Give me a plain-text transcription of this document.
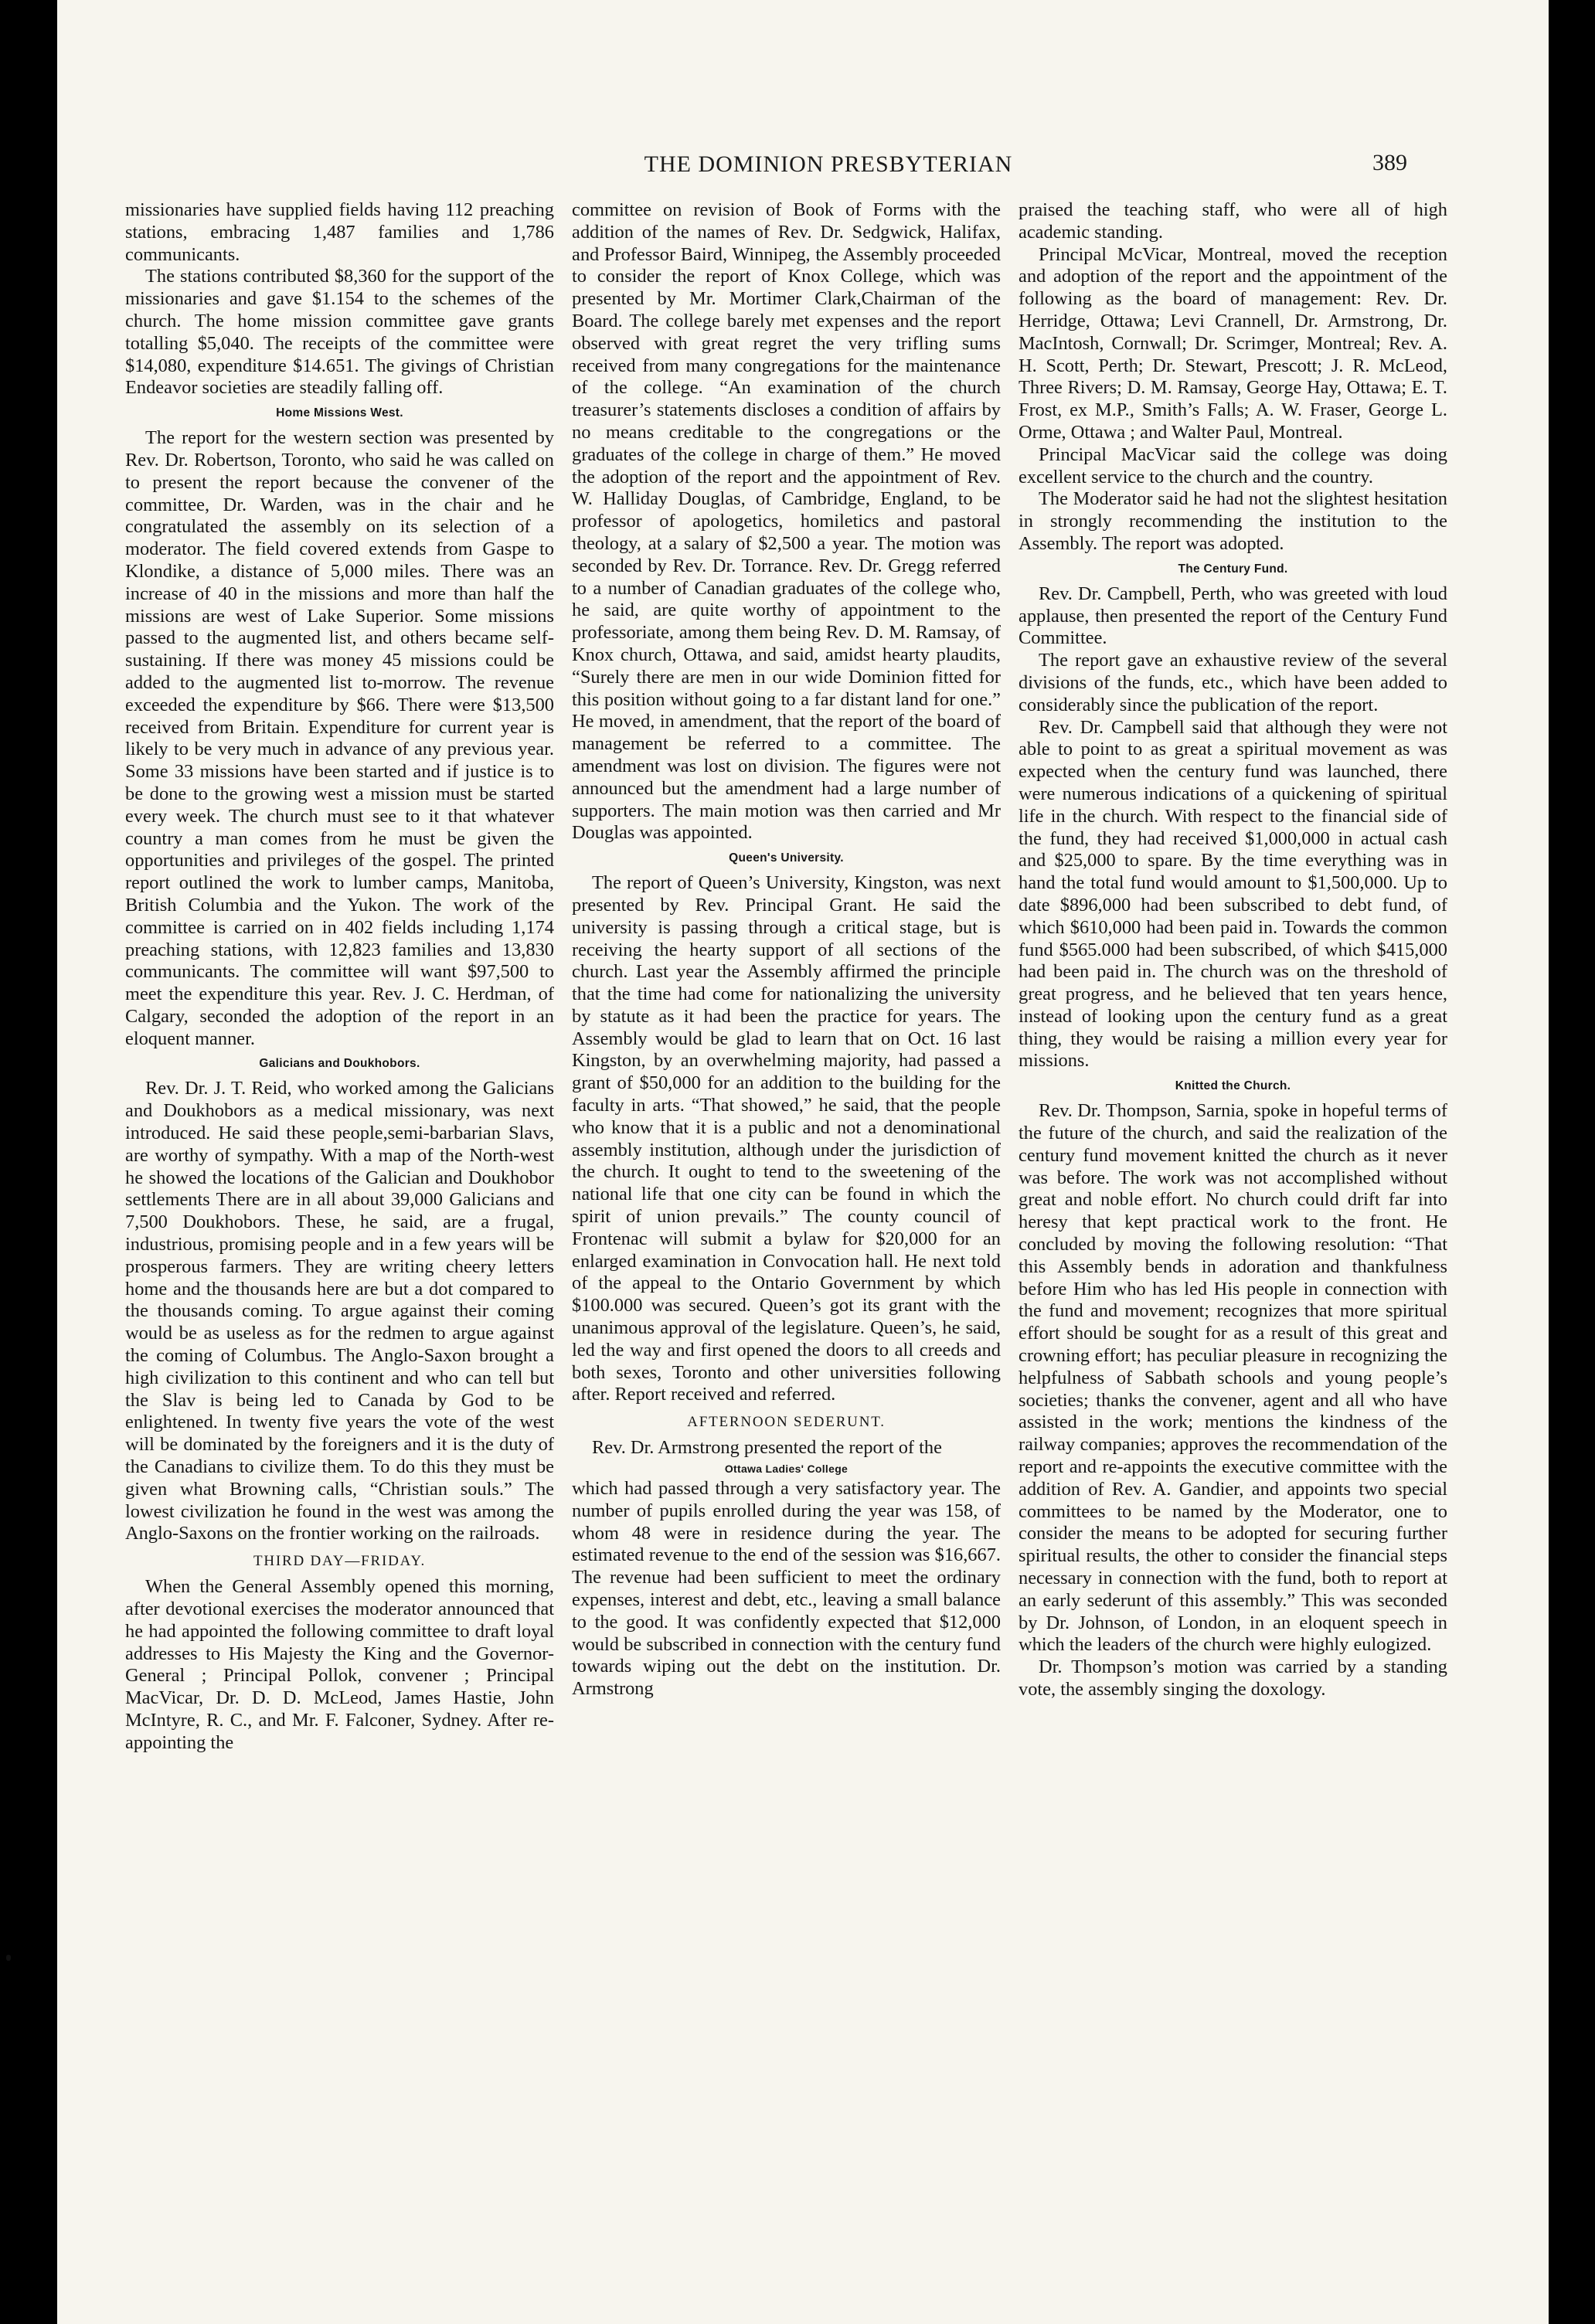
THE DOMINION PRESBYTERIAN	389

missionaries have supplied fields having 112 preaching stations, embracing 1,487 families and 1,786 communicants.

The stations contributed $8,360 for the support of the missionaries and gave $1.154 to the schemes of the church. The home mission committee gave grants totalling $5,040. The receipts of the committee were $14,080, expenditure $14.651. The givings of Christian Endeavor societies are steadily falling off.

Home Missions West.

The report for the western section was presented by Rev. Dr. Robertson, Toronto, who said he was called on to present the report because the convener of the committee, Dr. Warden, was in the chair and he congratulated the assembly on its selection of a moderator. The field covered extends from Gaspe to Klondike, a distance of 5,000 miles. There was an increase of 40 in the missions and more than half the missions are west of Lake Superior. Some missions passed to the augmented list, and others became self-sustaining. If there was money 45 missions could be added to the augmented list to-morrow. The revenue exceeded the expenditure by $66. There were $13,500 received from Britain. Expenditure for current year is likely to be very much in advance of any previous year. Some 33 missions have been started and if justice is to be done to the growing west a mission must be started every week. The church must see to it that whatever country a man comes from he must be given the opportunities and privileges of the gospel. The printed report outlined the work to lumber camps, Manitoba, British Columbia and the Yukon. The work of the committee is carried on in 402 fields including 1,174 preaching stations, with 12,823 families and 13,830 communicants. The committee will want $97,500 to meet the expenditure this year. Rev. J. C. Herdman, of Calgary, seconded the adoption of the report in an eloquent manner.

Galicians and Doukhobors.

Rev. Dr. J. T. Reid, who worked among the Galicians and Doukhobors as a medical missionary, was next introduced. He said these people,semi-barbarian Slavs, are worthy of sympathy. With a map of the North-west he showed the locations of the Galician and Doukhobor settlements There are in all about 39,000 Galicians and 7,500 Doukhobors. These, he said, are a frugal, industrious, promising people and in a few years will be prosperous farmers. They are writing cheery letters home and the thousands here are but a dot compared to the thousands coming. To argue against their coming would be as useless as for the redmen to argue against the coming of Columbus. The Anglo-Saxon brought a high civilization to this continent and who can tell but the Slav is being led to Canada by God to be enlightened. In twenty five years the vote of the west will be dominated by the foreigners and it is the duty of the Canadians to civilize them. To do this they must be given what Browning calls, “Christian souls.” The lowest civilization he found in the west was among the Anglo-Saxons on the frontier working on the railroads.

THIRD DAY—FRIDAY.

When the General Assembly opened this morning, after devotional exercises the moderator announced that he had appointed the following committee to draft loyal addresses to His Majesty the King and the Governor-General ; Principal Pollok, convener ; Principal MacVicar, Dr. D. D. McLeod, James Hastie, John McIntyre, R. C., and Mr. F. Falconer, Sydney. After re-appointing the

committee on revision of Book of Forms with the addition of the names of Rev. Dr. Sedgwick, Halifax, and Professor Baird, Winnipeg, the Assembly proceeded to consider the report of Knox College, which was presented by Mr. Mortimer Clark,Chairman of the Board. The college barely met expenses and the report observed with great regret the very trifling sums received from many congregations for the maintenance of the college. “An examination of the church treasurer’s statements discloses a condition of affairs by no means creditable to the congregations or the graduates of the college in charge of them.” He moved the adoption of the report and the appointment of Rev. W. Halliday Douglas, of Cambridge, England, to be professor of apologetics, homiletics and pastoral theology, at a salary of $2,500 a year. The motion was seconded by Rev. Dr. Torrance. Rev. Dr. Gregg referred to a number of Canadian graduates of the college who, he said, are quite worthy of appointment to the professoriate, among them being Rev. D. M. Ramsay, of Knox church, Ottawa, and said, amidst hearty plaudits, “Surely there are men in our wide Dominion fitted for this position without going to a far distant land for one.” He moved, in amendment, that the report of the board of management be referred to a committee. The amendment was lost on division. The figures were not announced but the amendment had a large number of supporters. The main motion was then carried and Mr Douglas was appointed.

Queen's University.

The report of Queen’s University, Kingston, was next presented by Rev. Principal Grant. He said the university is passing through a critical stage, but is receiving the hearty support of all sections of the church. Last year the Assembly affirmed the principle that the time had come for nationalizing the university by statute as it had been the practice for years. The Assembly would be glad to learn that on Oct. 16 last Kingston, by an overwhelming majority, had passed a grant of $50,000 for an addition to the building for the faculty in arts. “That showed,” he said, that the people who know that it is a public and not a denominational assembly institution, although under the jurisdiction of the church. It ought to tend to the sweetening of the national life that one city can be found in which the spirit of union prevails.” The county council of Frontenac will submit a bylaw for $20,000 for an enlarged examination in Convocation hall. He next told of the appeal to the Ontario Government by which $100.000 was secured. Queen’s got its grant with the unanimous approval of the legislature. Queen’s, he said, led the way and first opened the doors to all creeds and both sexes, Toronto and other universities following after. Report received and referred.

AFTERNOON SEDERUNT.

Rev. Dr. Armstrong presented the report of the

Ottawa Ladies' College

which had passed through a very satisfactory year. The number of pupils enrolled during the year was 158, of whom 48 were in residence during the year. The estimated revenue to the end of the session was $16,667. The revenue had been sufficient to meet the ordinary expenses, interest and debt, etc., leaving a small balance to the good. It was confidently expected that $12,000 would be subscribed in connection with the century fund towards wiping out the debt on the institution. Dr. Armstrong

praised the teaching staff, who were all of high academic standing.

Principal McVicar, Montreal, moved the reception and adoption of the report and the appointment of the following as the board of management: Rev. Dr. Herridge, Ottawa; Levi Crannell, Dr. Armstrong, Dr. MacIntosh, Cornwall; Dr. Scrimger, Montreal; Rev. A. H. Scott, Perth; Dr. Stewart, Prescott; J. R. McLeod, Three Rivers; D. M. Ramsay, George Hay, Ottawa; E. T. Frost, ex M.P., Smith’s Falls; A. W. Fraser, George L. Orme, Ottawa ; and Walter Paul, Montreal.

Principal MacVicar said the college was doing excellent service to the church and the country.

The Moderator said he had not the slightest hesitation in strongly recommending the institution to the Assembly. The report was adopted.

The Century Fund.

Rev. Dr. Campbell, Perth, who was greeted with loud applause, then presented the report of the Century Fund Committee.

The report gave an exhaustive review of the several divisions of the funds, etc., which have been added to considerably since the publication of the report.

Rev. Dr. Campbell said that although they were not able to point to as great a spiritual movement as was expected when the century fund was launched, there were numerous indications of a quickening of spiritual life in the church. With respect to the financial side of the fund, they had received $1,000,000 in actual cash and $25,000 to spare. By the time everything was in hand the total fund would amount to $1,500,000. Up to date $896,000 had been subscribed to debt fund, of which $610,000 had been paid in. Towards the common fund $565.000 had been subscribed, of which $415,000 had been paid in. The church was on the threshold of great progress, and he believed that ten years hence, instead of looking upon the century fund as a great thing, they would be raising a million every year for missions.

Knitted the Church.

Rev. Dr. Thompson, Sarnia, spoke in hopeful terms of the future of the church, and said the realization of the century fund movement knitted the church as it never was before. The work was not accomplished without great and noble effort. No church could drift far into heresy that kept practical work to the front. He concluded by moving the following resolution: “That this Assembly bends in adoration and thankfulness before Him who has led His people in connection with the fund and movement; recognizes that more spiritual effort should be sought for as a result of this great and crowning effort; has peculiar pleasure in recognizing the helpfulness of Sabbath schools and young people’s societies; thanks the convener, agent and all who have assisted in the work; mentions the kindness of the railway companies; approves the recommendation of the report and re-appoints the executive committee with the addition of Rev. A. Gandier, and appoints two special committees to be named by the Moderator, one to consider the means to be adopted for securing further spiritual results, the other to consider the financial steps necessary in connection with the fund, both to report at an early sederunt of this assembly.” This was seconded by Dr. Johnson, of London, in an eloquent speech in which the leaders of the church were highly eulogized.

Dr. Thompson’s motion was carried by a standing vote, the assembly singing the doxology.
